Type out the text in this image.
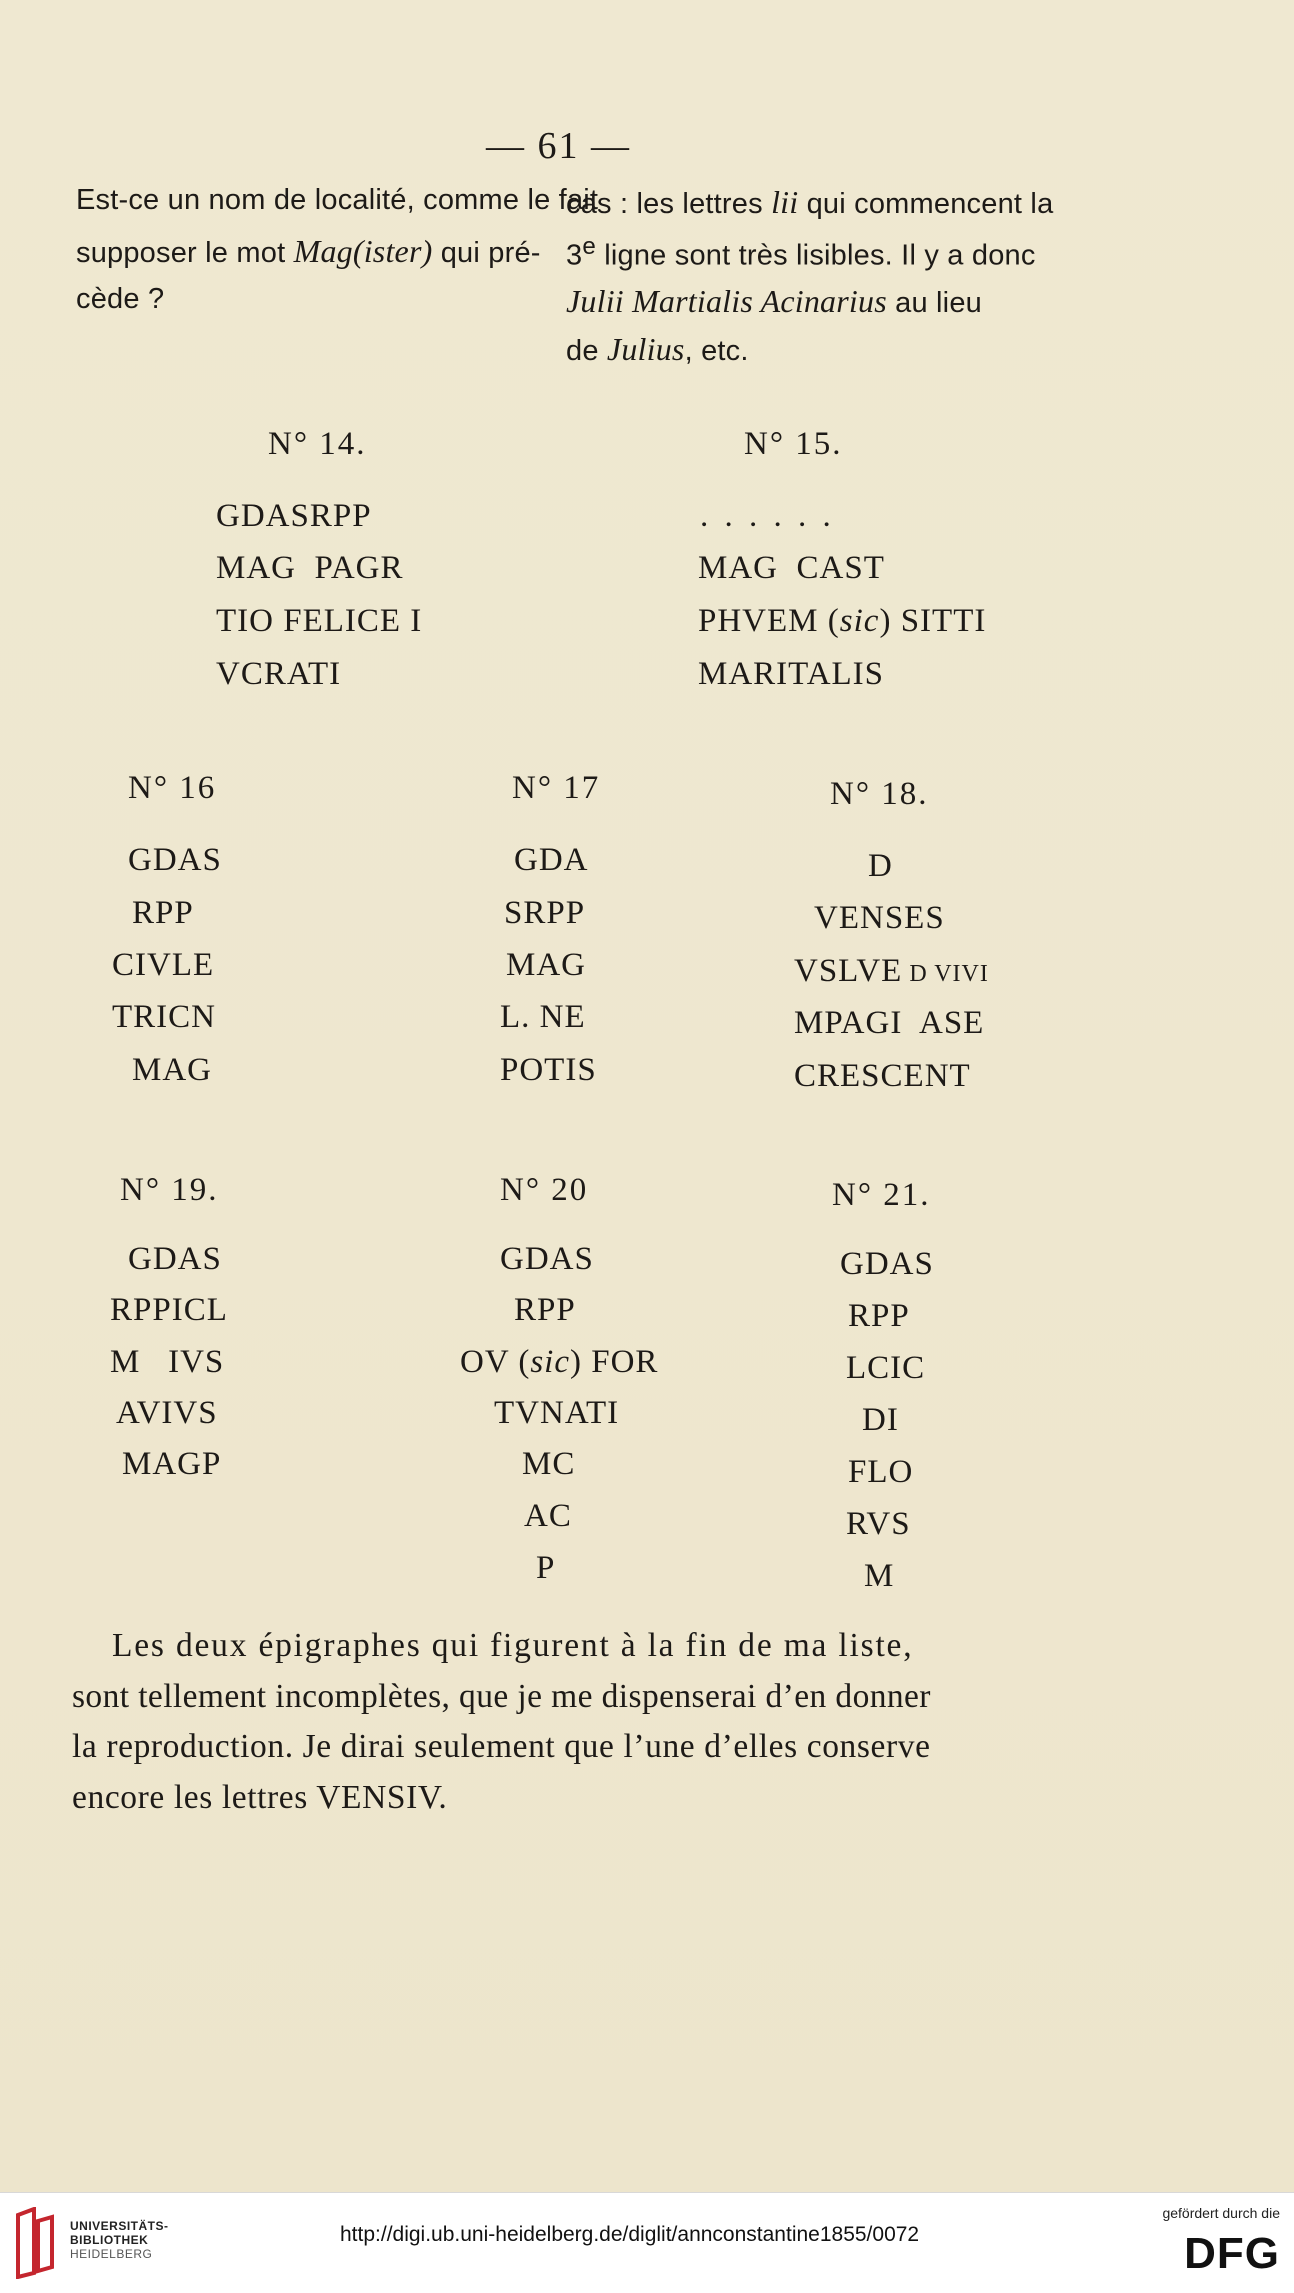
— 61 —
Est-ce un nom de localité, comme le fait
supposer le mot Mag(ister) qui pré-
cède ?
cas : les lettres lii qui commencent la
3e ligne sont très lisibles. Il y a donc
Julii Martialis Acinarius au lieu
de Julius, etc.
N° 14.
GDASRPP
MAG  PAGR
TIO FELICE I
VCRATI
N° 15.
. . . . . .
MAG  CAST
PHVEM (sic) SITTI
MARITALIS
N° 16
GDAS
RPP
CIVLE
TRICN
MAG
N° 17
GDA
SRPP
MAG
L. NE
POTIS
N° 18.
D
VENSES
VSLVE D VIVI
MPAGI  ASE
CRESCENT
N° 19.
GDAS
RPPICL
M   IVS
AVIVS
MAGP
N° 20
GDAS
RPP
OV (sic) FOR
TVNATI
MC
AC
P
N° 21.
GDAS
RPP
LCIC
DI
FLO
RVS
M
Les deux épigraphes qui figurent à la fin de ma liste,
sont tellement incomplètes, que je me dispenserai d’en donner
la reproduction. Je dirai seulement que l’une d’elles conserve
encore les lettres VENSIV.
UNIVERSITÄTS-
BIBLIOTHEK
HEIDELBERG
http://digi.ub.uni-heidelberg.de/diglit/annconstantine1855/0072
gefördert durch die
DFG
